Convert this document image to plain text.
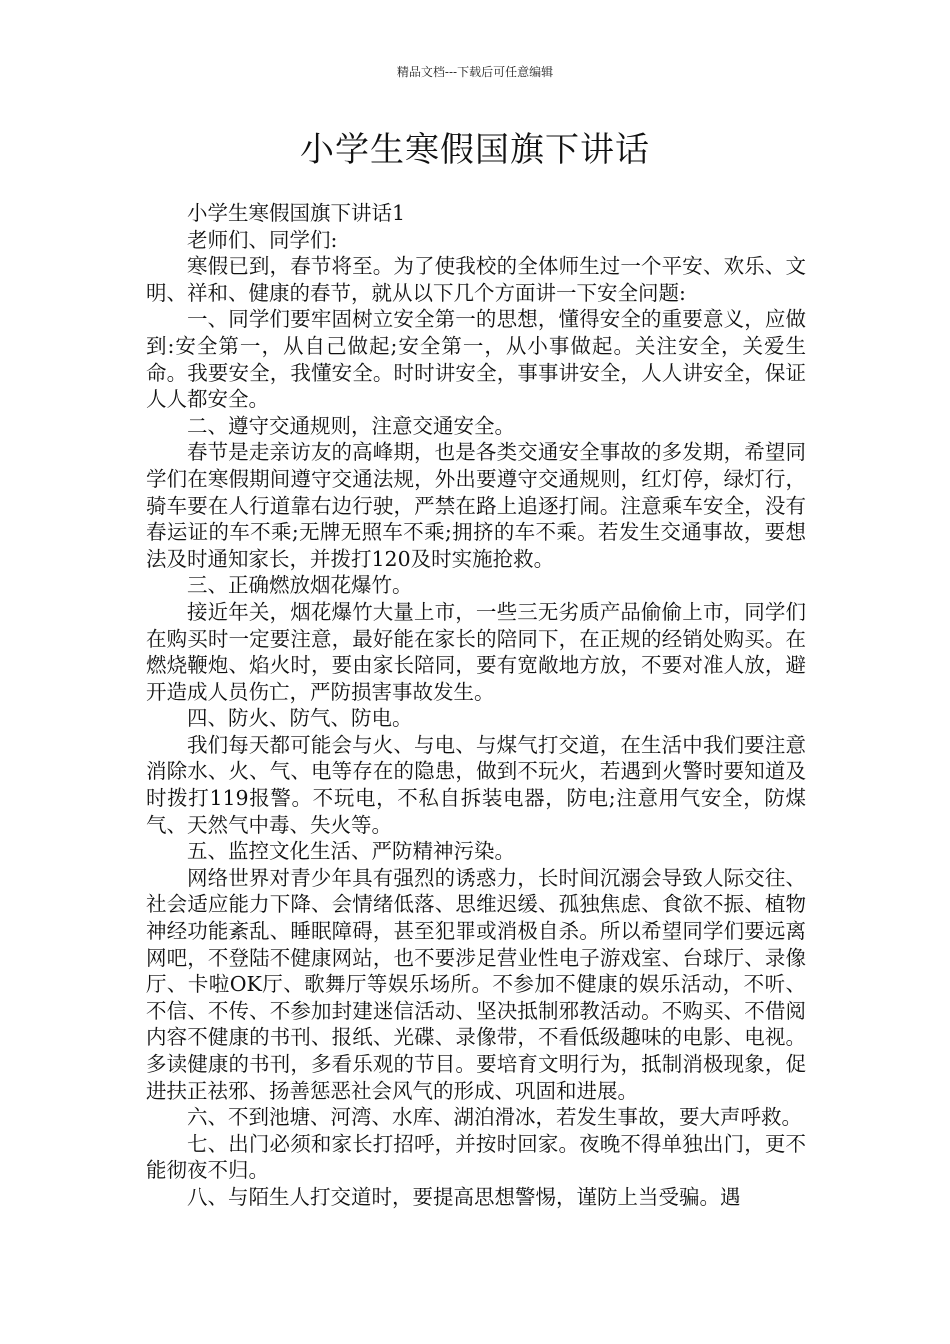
精品文档---下载后可任意编辑
小学生寒假国旗下讲话

小学生寒假国旗下讲话1

老师们、同学们:

寒假已到，春节将至。为了使我校的全体师生过一个平安、欢乐、文明、祥和、健康的春节，就从以下几个方面讲一下安全问题:

一、同学们要牢固树立安全第一的思想，懂得安全的重要意义，应做到:安全第一，从自己做起;安全第一，从小事做起。关注安全，关爱生命。我要安全，我懂安全。时时讲安全，事事讲安全，人人讲安全，保证人人都安全。

二、遵守交通规则，注意交通安全。

春节是走亲访友的高峰期，也是各类交通安全事故的多发期，希望同学们在寒假期间遵守交通法规，外出要遵守交通规则，红灯停，绿灯行，骑车要在人行道靠右边行驶，严禁在路上追逐打闹。注意乘车安全，没有春运证的车不乘;无牌无照车不乘;拥挤的车不乘。若发生交通事故，要想法及时通知家长，并拨打120及时实施抢救。

三、正确燃放烟花爆竹。

接近年关，烟花爆竹大量上市，一些三无劣质产品偷偷上市，同学们在购买时一定要注意，最好能在家长的陪同下，在正规的经销处购买。在燃烧鞭炮、焰火时，要由家长陪同，要有宽敞地方放，不要对准人放，避开造成人员伤亡，严防损害事故发生。

四、防火、防气、防电。

我们每天都可能会与火、与电、与煤气打交道，在生活中我们要注意消除水、火、气、电等存在的隐患，做到不玩火，若遇到火警时要知道及时拨打119报警。不玩电，不私自拆装电器，防电;注意用气安全，防煤气、天然气中毒、失火等。

五、监控文化生活、严防精神污染。

网络世界对青少年具有强烈的诱惑力，长时间沉溺会导致人际交往、社会适应能力下降、会情绪低落、思维迟缓、孤独焦虑、食欲不振、植物神经功能紊乱、睡眠障碍，甚至犯罪或消极自杀。所以希望同学们要远离网吧，不登陆不健康网站，也不要涉足营业性电子游戏室、台球厅、录像厅、卡啦OK厅、歌舞厅等娱乐场所。不参加不健康的娱乐活动，不听、不信、不传、不参加封建迷信活动、坚决抵制邪教活动。不购买、不借阅内容不健康的书刊、报纸、光碟、录像带，不看低级趣味的电影、电视。多读健康的书刊，多看乐观的节目。要培育文明行为，抵制消极现象，促进扶正祛邪、扬善惩恶社会风气的形成、巩固和进展。

六、不到池塘、河湾、水库、湖泊滑冰，若发生事故，要大声呼救。

七、出门必须和家长打招呼，并按时回家。夜晚不得单独出门，更不能彻夜不归。

八、与陌生人打交道时，要提高思想警惕，谨防上当受骗。遇
